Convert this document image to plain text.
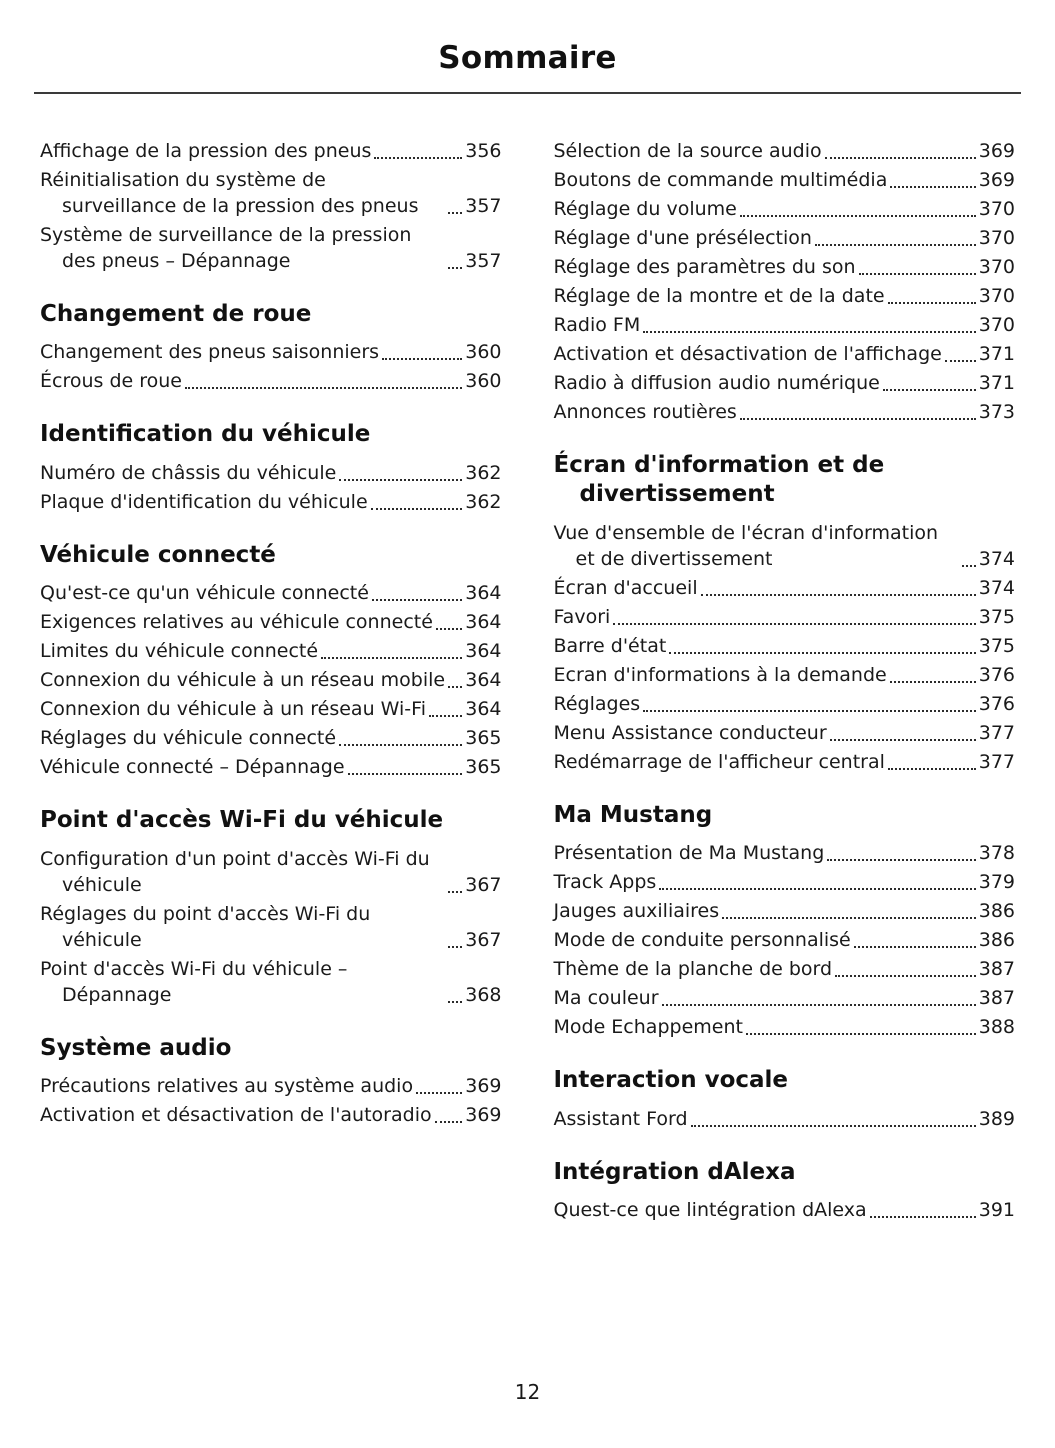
Sommaire
Affichage de la pression des pneus	356
Réinitialisation du système de surveillance de la pression des pneus	357
Système de surveillance de la pression des pneus – Dépannage	357
Changement de roue
Changement des pneus saisonniers	360
Écrous de roue	360
Identification du véhicule
Numéro de châssis du véhicule	362
Plaque d'identification du véhicule	362
Véhicule connecté
Qu'est-ce qu'un véhicule connecté	364
Exigences relatives au véhicule connecté 364
Limites du véhicule connecté	364
Connexion du véhicule à un réseau mobile 364
Connexion du véhicule à un réseau Wi-Fi 364
Réglages du véhicule connecté	365
Véhicule connecté – Dépannage	365
Point d'accès Wi-Fi du véhicule
Configuration d'un point d'accès Wi-Fi du véhicule	367
Réglages du point d'accès Wi-Fi du véhicule	367
Point d'accès Wi-Fi du véhicule – Dépannage	368
Système audio
Précautions relatives au système audio	369
Activation et désactivation de l'autoradio 369
Sélection de la source audio	369
Boutons de commande multimédia	369
Réglage du volume	370
Réglage d'une présélection	370
Réglage des paramètres du son	370
Réglage de la montre et de la date	370
Radio FM	370
Activation et désactivation de l'affichage 371
Radio à diffusion audio numérique	371
Annonces routières	373
Écran d'information et de divertissement
Vue d'ensemble de l'écran d'information et de divertissement	374
Écran d'accueil	374
Favori	375
Barre d'état	375
Ecran d'informations à la demande	376
Réglages	376
Menu Assistance conducteur	377
Redémarrage de l'afficheur central	377
Ma Mustang
Présentation de Ma Mustang	378
Track Apps	379
Jauges auxiliaires	386
Mode de conduite personnalisé	386
Thème de la planche de bord	387
Ma couleur	387
Mode Echappement	388
Interaction vocale
Assistant Ford	389
Intégration dAlexa
Quest-ce que lintégration dAlexa	391
12
